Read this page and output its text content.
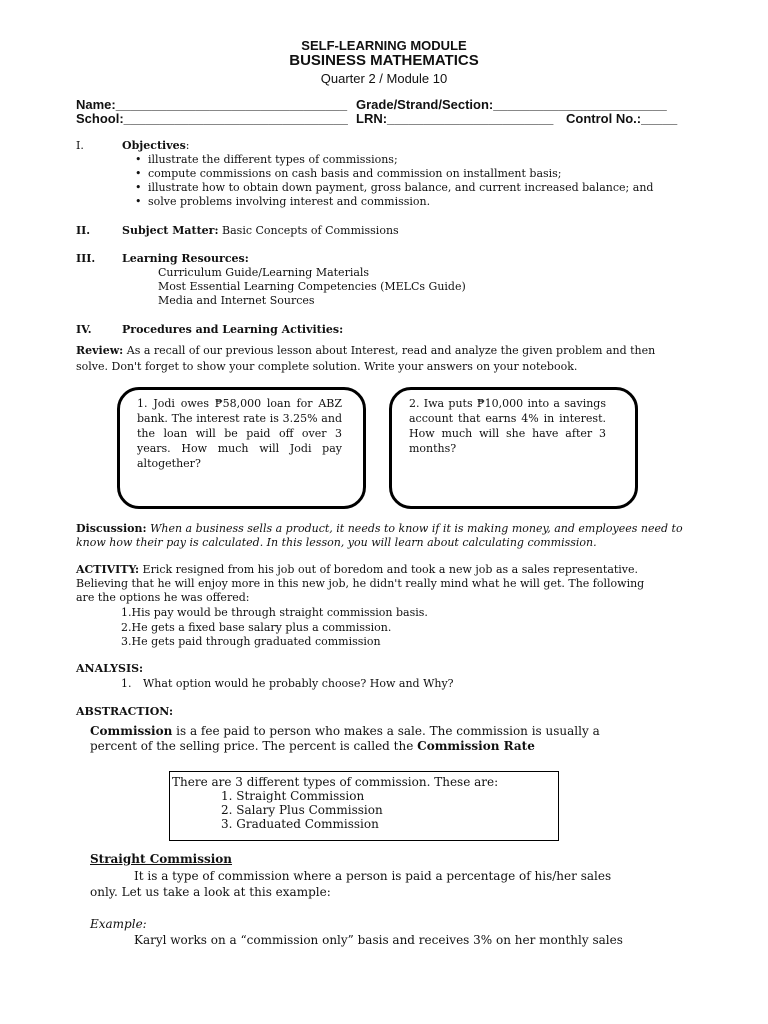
SELF-LEARNING MODULE
BUSINESS MATHEMATICS
Quarter 2 / Module 10
Name:________________________________ Grade/Strand/Section:________________________
School:_______________________________ LRN:_______________________ Control No.:_____
I.	Objectives:
• illustrate the different types of commissions;
• compute commissions on cash basis and commission on installment basis;
• illustrate how to obtain down payment, gross balance, and current increased balance; and
• solve problems involving interest and commission.
II.	Subject Matter: Basic Concepts of Commissions
III. Learning Resources:
Curriculum Guide/Learning Materials
Most Essential Learning Competencies (MELCs Guide)
Media and Internet Sources
IV.	Procedures and Learning Activities:
Review: As a recall of our previous lesson about Interest, read and analyze the given problem and then
solve. Don't forget to show your complete solution. Write your answers on your notebook.
1. Jodi owes ₱58,000 loan for ABZ bank. The interest rate is 3.25% and the loan will be paid off over 3 years. How much will Jodi pay altogether?
2. Iwa puts ₱10,000 into a savings account that earns 4% in interest. How much will she have after 3 months?
Discussion: When a business sells a product, it needs to know if it is making money, and employees need to
know how their pay is calculated. In this lesson, you will learn about calculating commission.
ACTIVITY: Erick resigned from his job out of boredom and took a new job as a sales representative.
Believing that he will enjoy more in this new job, he didn't really mind what he will get. The following
are the options he was offered:
1.His pay would be through straight commission basis.
2.He gets a fixed base salary plus a commission.
3.He gets paid through graduated commission
ANALYSIS:
1. What option would he probably choose? How and Why?
ABSTRACTION:
Commission is a fee paid to person who makes a sale. The commission is usually a
percent of the selling price. The percent is called the Commission Rate
There are 3 different types of commission. These are:
1. Straight Commission
2. Salary Plus Commission
3. Graduated Commission
Straight Commission
It is a type of commission where a person is paid a percentage of his/her sales
only. Let us take a look at this example:
Example:
Karyl works on a “commission only” basis and receives 3% on her monthly sales
